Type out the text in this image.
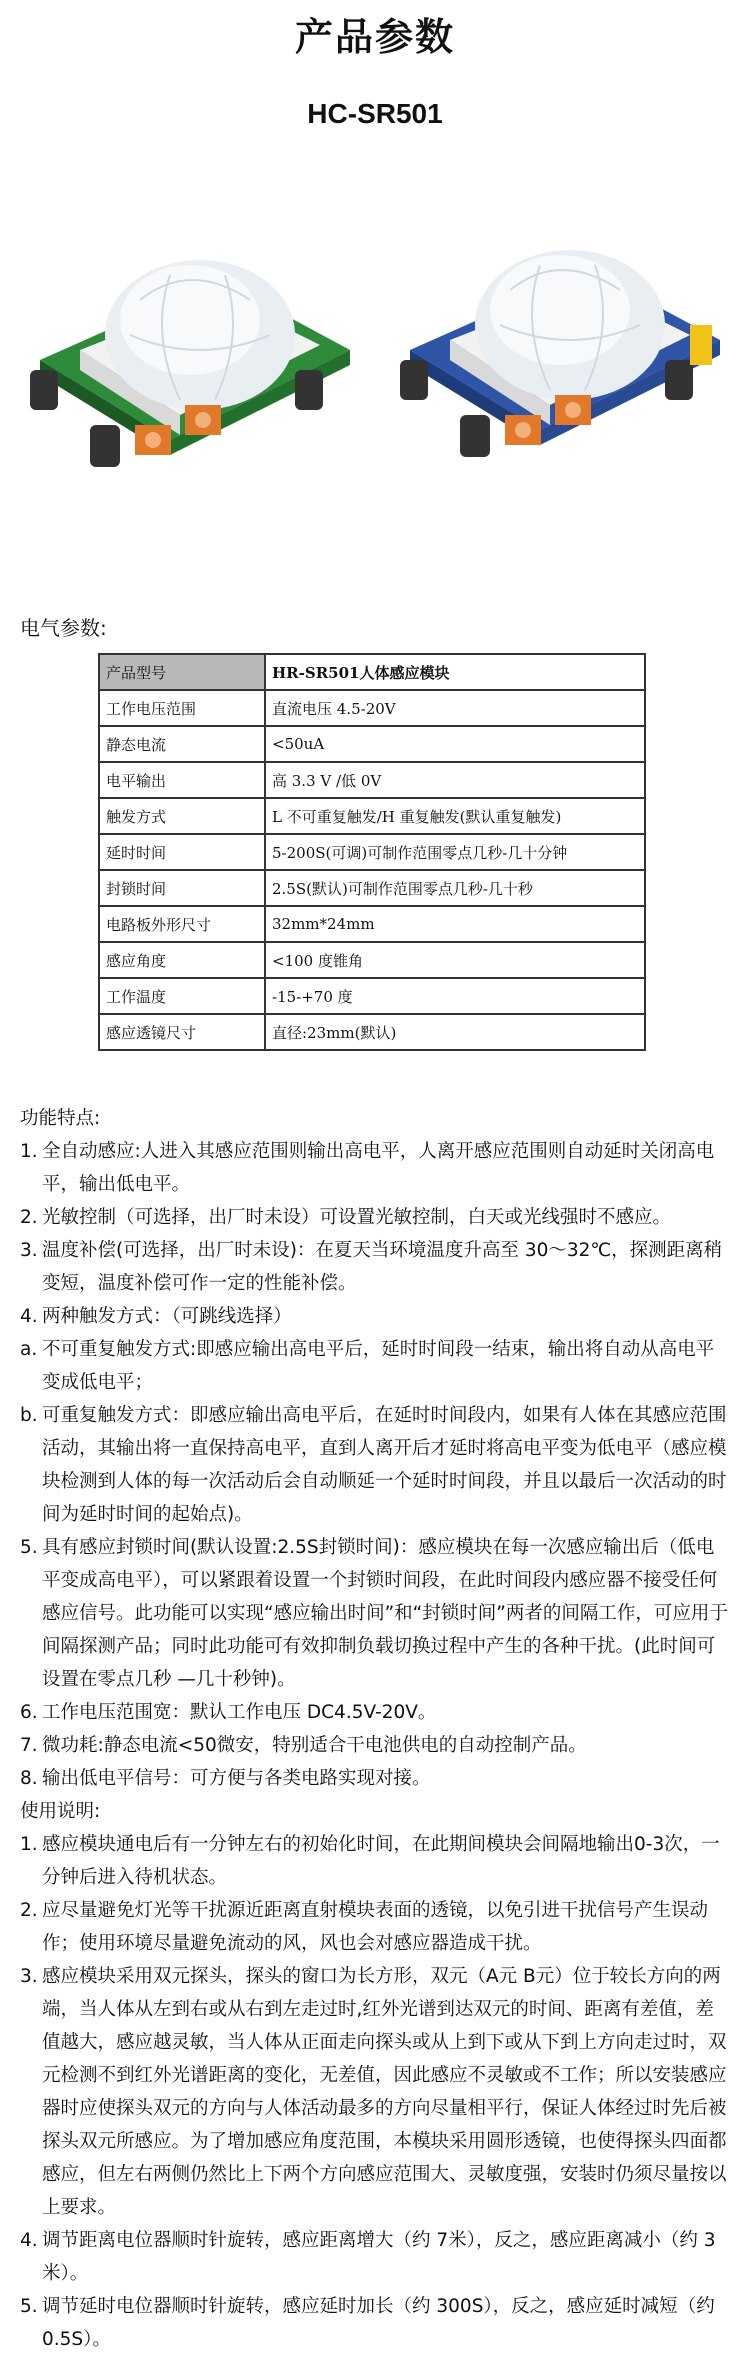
产品参数
HC-SR501
电气参数:
产品型号	HR-SR501人体感应模块
工作电压范围	直流电压 4.5-20V
静态电流	<50uA
电平输出	高 3.3 V /低 0V
触发方式	L 不可重复触发/H 重复触发(默认重复触发)
延时时间	5-200S(可调)可制作范围零点几秒-几十分钟
封锁时间	2.5S(默认)可制作范围零点几秒-几十秒
电路板外形尺寸	32mm*24mm
感应角度	<100 度锥角
工作温度	-15-+70 度
感应透镜尺寸	直径:23mm(默认)

功能特点:

1. 全自动感应:人进入其感应范围则输出高电平，人离开感应范围则自动延时关闭高电平，输出低电平。
2. 光敏控制（可选择，出厂时未设）可设置光敏控制，白天或光线强时不感应。
3. 温度补偿(可选择，出厂时未设)：在夏天当环境温度升高至 30～32℃，探测距离稍变短，温度补偿可作一定的性能补偿。
4. 两种触发方式：（可跳线选择）
a. 不可重复触发方式:即感应输出高电平后，延时时间段一结束，输出将自动从高电平变成低电平；
b. 可重复触发方式：即感应输出高电平后，在延时时间段内，如果有人体在其感应范围活动，其输出将一直保持高电平，直到人离开后才延时将高电平变为低电平（感应模块检测到人体的每一次活动后会自动顺延一个延时时间段，并且以最后一次活动的时间为延时时间的起始点)。
5. 具有感应封锁时间(默认设置:2.5S封锁时间)：感应模块在每一次感应输出后（低电平变成高电平），可以紧跟着设置一个封锁时间段，在此时间段内感应器不接受任何感应信号。此功能可以实现“感应输出时间”和“封锁时间”两者的间隔工作，可应用于间隔探测产品；同时此功能可有效抑制负载切换过程中产生的各种干扰。(此时间可设置在零点几秒 —几十秒钟)。
6. 工作电压范围宽：默认工作电压 DC4.5V-20V。
7. 微功耗:静态电流<50微安，特别适合干电池供电的自动控制产品。
8. 输出低电平信号：可方便与各类电路实现对接。

使用说明:

1. 感应模块通电后有一分钟左右的初始化时间，在此期间模块会间隔地输出0-3次，一分钟后进入待机状态。
2. 应尽量避免灯光等干扰源近距离直射模块表面的透镜，以免引进干扰信号产生误动作；使用环境尽量避免流动的风，风也会对感应器造成干扰。
3. 感应模块采用双元探头，探头的窗口为长方形，双元（A元 B元）位于较长方向的两端，当人体从左到右或从右到左走过时,红外光谱到达双元的时间、距离有差值，差值越大，感应越灵敏，当人体从正面走向探头或从上到下或从下到上方向走过时，双元检测不到红外光谱距离的变化，无差值，因此感应不灵敏或不工作；所以安装感应器时应使探头双元的方向与人体活动最多的方向尽量相平行，保证人体经过时先后被探头双元所感应。为了增加感应角度范围，本模块采用圆形透镜，也使得探头四面都感应，但左右两侧仍然比上下两个方向感应范围大、灵敏度强，安装时仍须尽量按以上要求。
4. 调节距离电位器顺时针旋转，感应距离增大（约 7米），反之，感应距离减小（约 3米）。
5. 调节延时电位器顺时针旋转，感应延时加长（约 300S），反之，感应延时减短（约 0.5S）。
